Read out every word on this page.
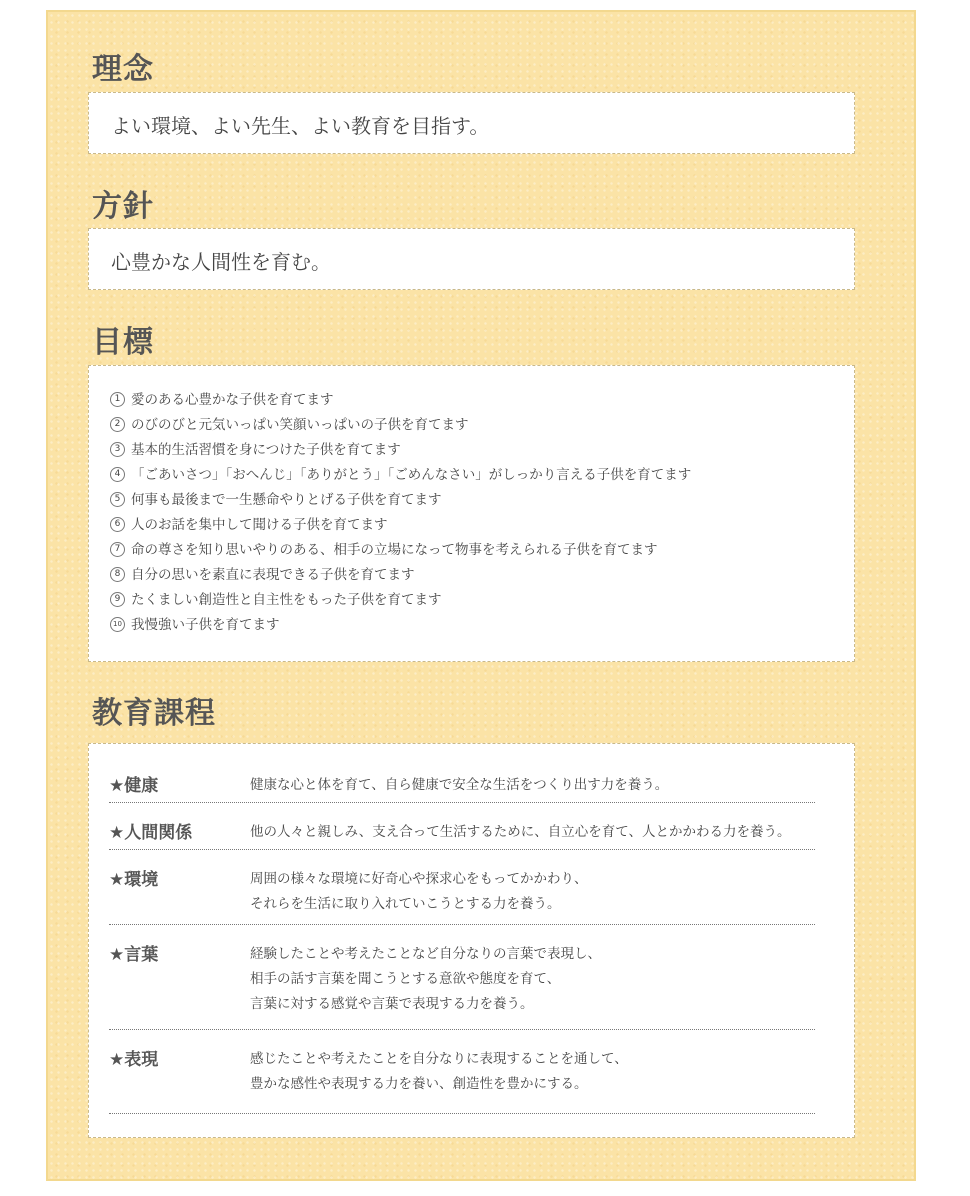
理念
よい環境、よい先生、よい教育を目指す。
方針
心豊かな人間性を育む。
目標
1 愛のある心豊かな子供を育てます
2 のびのびと元気いっぱい笑顔いっぱいの子供を育てます
3 基本的生活習慣を身につけた子供を育てます
4 「ごあいさつ」「おへんじ」「ありがとう」「ごめんなさい」がしっかり言える子供を育てます
5 何事も最後まで一生懸命やりとげる子供を育てます
6 人のお話を集中して聞ける子供を育てます
7 命の尊さを知り思いやりのある、相手の立場になって物事を考えられる子供を育てます
8 自分の思いを素直に表現できる子供を育てます
9 たくましい創造性と自主性をもった子供を育てます
10 我慢強い子供を育てます
教育課程
★健康	健康な心と体を育て、自ら健康で安全な生活をつくり出す力を養う。
★人間関係	他の人々と親しみ、支え合って生活するために、自立心を育て、人とかかわる力を養う。
★環境	周囲の様々な環境に好奇心や探求心をもってかかわり、
それらを生活に取り入れていこうとする力を養う。
★言葉	経験したことや考えたことなど自分なりの言葉で表現し、
相手の話す言葉を聞こうとする意欲や態度を育て、
言葉に対する感覚や言葉で表現する力を養う。
★表現	感じたことや考えたことを自分なりに表現することを通して、
豊かな感性や表現する力を養い、創造性を豊かにする。
